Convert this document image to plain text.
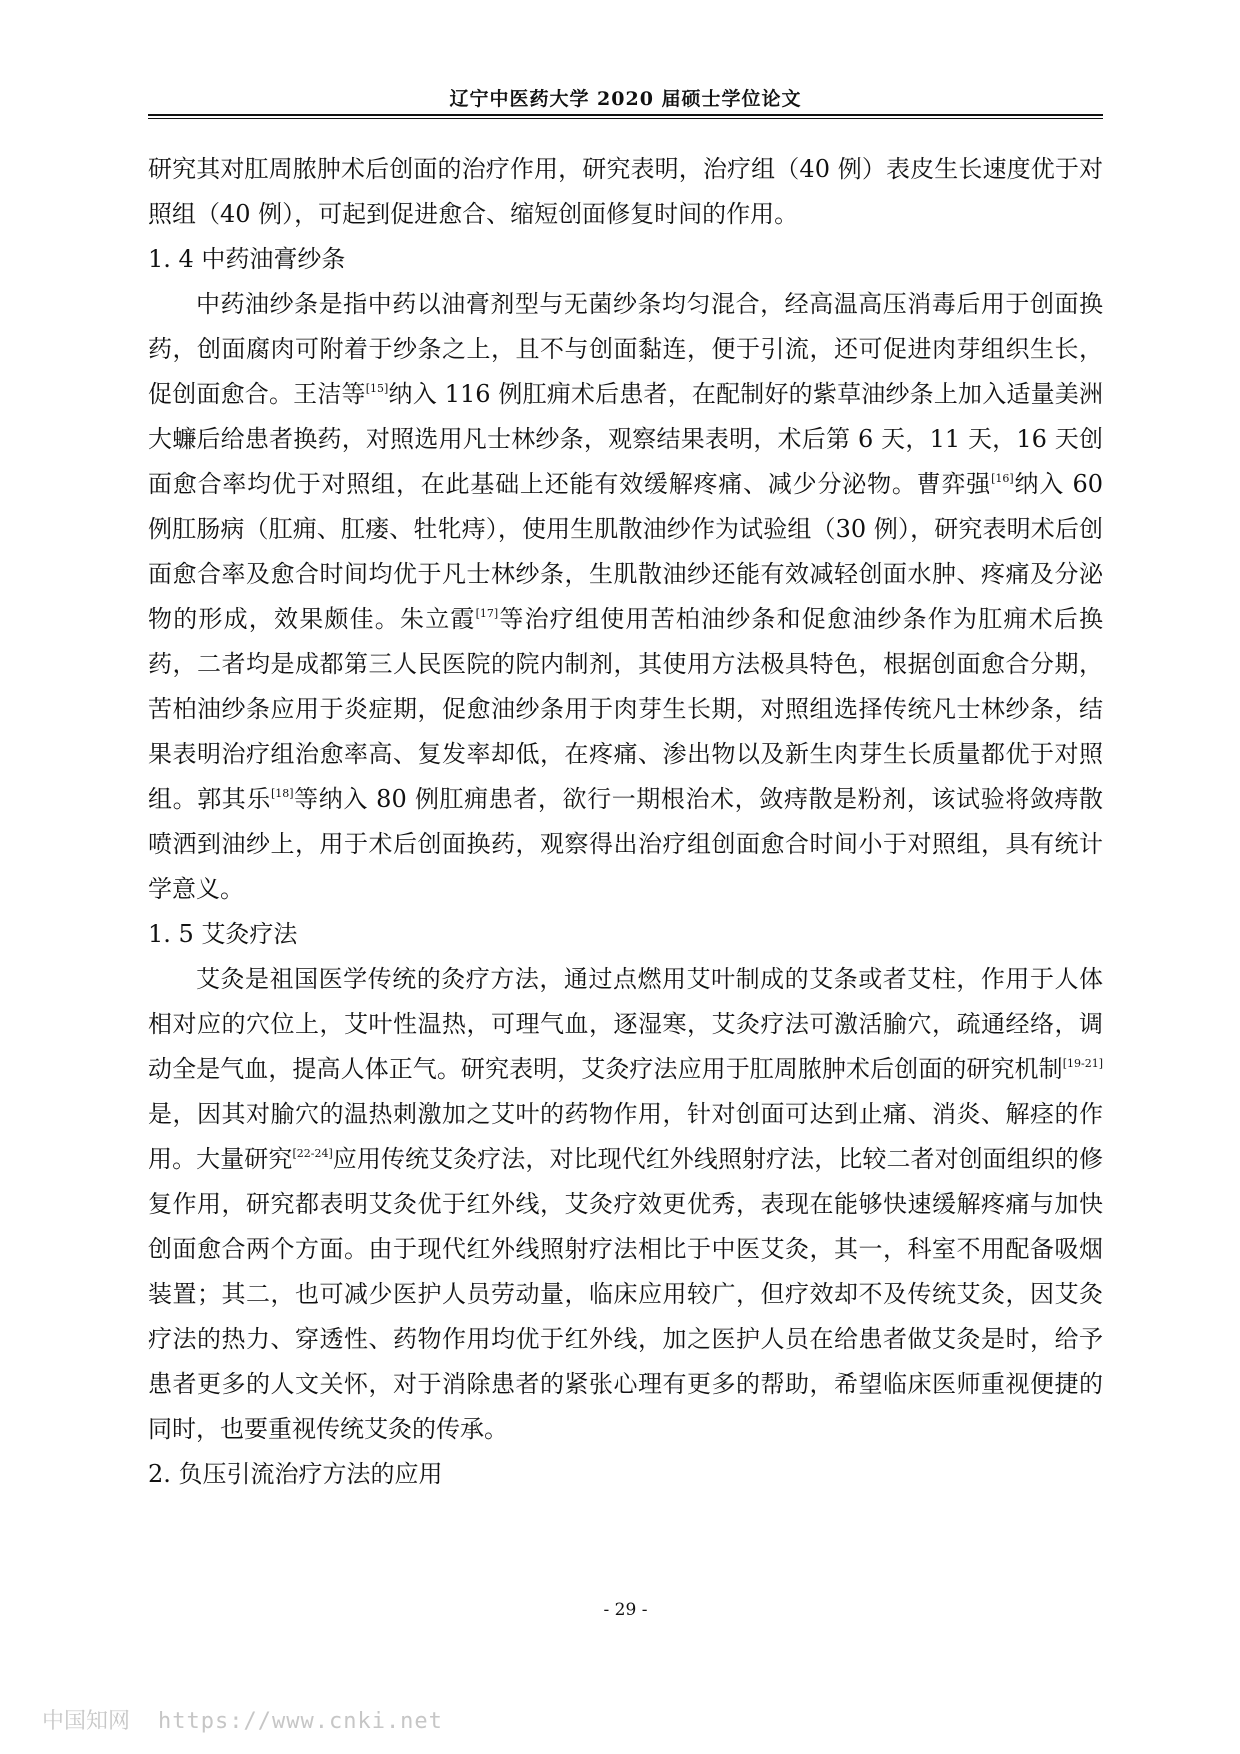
辽宁中医药大学 2020 届硕士学位论文

研究其对肛周脓肿术后创面的治疗作用，研究表明，治疗组（40 例）表皮生长速度优于对照组（40 例），可起到促进愈合、缩短创面修复时间的作用。

1. 4 中药油膏纱条

中药油纱条是指中药以油膏剂型与无菌纱条均匀混合，经高温高压消毒后用于创面换药，创面腐肉可附着于纱条之上，且不与创面黏连，便于引流，还可促进肉芽组织生长，促创面愈合。王洁等[15]纳入 116 例肛痈术后患者，在配制好的紫草油纱条上加入适量美洲大蠊后给患者换药，对照选用凡士林纱条，观察结果表明，术后第 6 天，11 天，16 天创面愈合率均优于对照组，在此基础上还能有效缓解疼痛、减少分泌物。曹弈强[16]纳入 60 例肛肠病（肛痈、肛瘘、牡牝痔），使用生肌散油纱作为试验组（30 例），研究表明术后创面愈合率及愈合时间均优于凡士林纱条，生肌散油纱还能有效减轻创面水肿、疼痛及分泌物的形成，效果颇佳。朱立霞[17]等治疗组使用苦柏油纱条和促愈油纱条作为肛痈术后换药，二者均是成都第三人民医院的院内制剂，其使用方法极具特色，根据创面愈合分期，苦柏油纱条应用于炎症期，促愈油纱条用于肉芽生长期，对照组选择传统凡士林纱条，结果表明治疗组治愈率高、复发率却低，在疼痛、渗出物以及新生肉芽生长质量都优于对照组。郭其乐[18]等纳入 80 例肛痈患者，欲行一期根治术，敛痔散是粉剂，该试验将敛痔散喷洒到油纱上，用于术后创面换药，观察得出治疗组创面愈合时间小于对照组，具有统计学意义。

1. 5 艾灸疗法

艾灸是祖国医学传统的灸疗方法，通过点燃用艾叶制成的艾条或者艾柱，作用于人体相对应的穴位上，艾叶性温热，可理气血，逐湿寒，艾灸疗法可激活腧穴，疏通经络，调动全是气血，提高人体正气。研究表明，艾灸疗法应用于肛周脓肿术后创面的研究机制[19-21]是，因其对腧穴的温热刺激加之艾叶的药物作用，针对创面可达到止痛、消炎、解痉的作用。大量研究[22-24]应用传统艾灸疗法，对比现代红外线照射疗法，比较二者对创面组织的修复作用，研究都表明艾灸优于红外线，艾灸疗效更优秀，表现在能够快速缓解疼痛与加快创面愈合两个方面。由于现代红外线照射疗法相比于中医艾灸，其一，科室不用配备吸烟装置；其二，也可减少医护人员劳动量，临床应用较广，但疗效却不及传统艾灸，因艾灸疗法的热力、穿透性、药物作用均优于红外线，加之医护人员在给患者做艾灸是时，给予患者更多的人文关怀，对于消除患者的紧张心理有更多的帮助，希望临床医师重视便捷的同时，也要重视传统艾灸的传承。

2. 负压引流治疗方法的应用

- 29 -
中国知网 https://www.cnki.net
